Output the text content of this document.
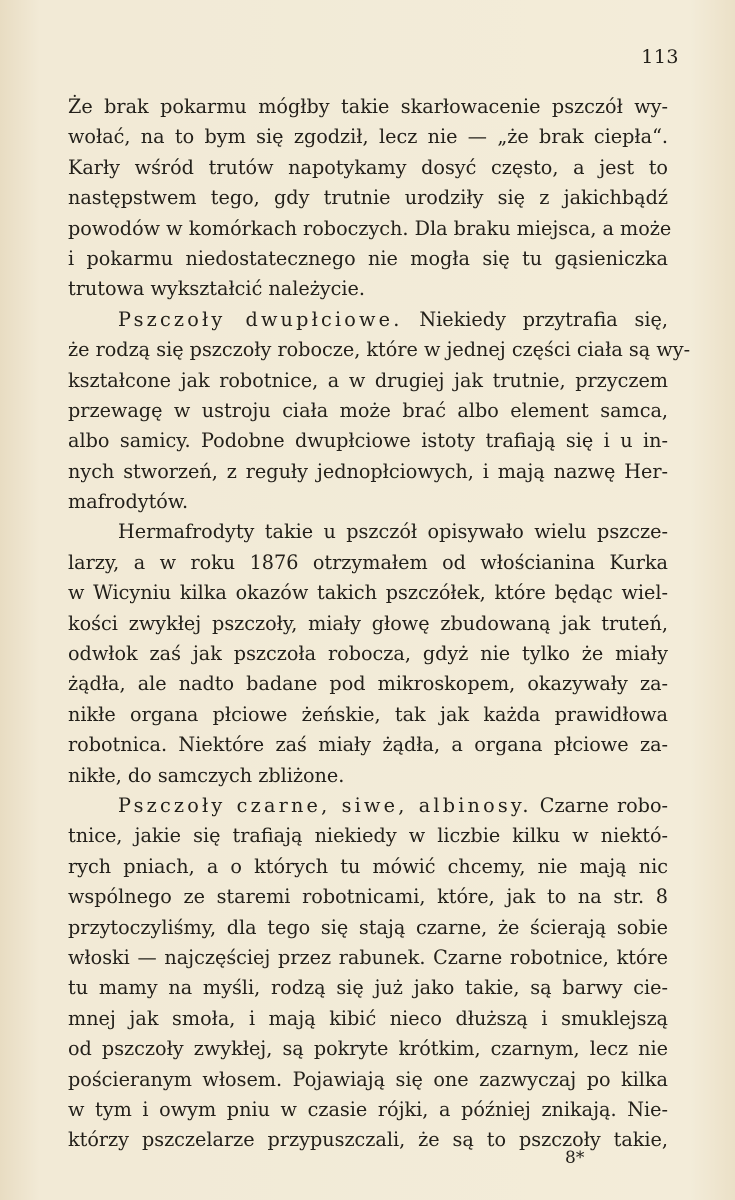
113
Że brak pokarmu mógłby takie skarłowacenie pszczół wy-
wołać, na to bym się zgodził, lecz nie — „że brak ciepła“.
Karły wśród trutów napotykamy dosyć często, a jest to
następstwem tego, gdy trutnie urodziły się z jakichbądź
powodów w komórkach roboczych. Dla braku miejsca, a może
i pokarmu niedostatecznego nie mogła się tu gąsieniczka
trutowa wykształcić należycie.
Pszczoły dwupłciowe. Niekiedy przytrafia się,
że rodzą się pszczoły robocze, które w jednej części ciała są wy-
kształcone jak robotnice, a w drugiej jak trutnie, przyczem
przewagę w ustroju ciała może brać albo element samca,
albo samicy. Podobne dwupłciowe istoty trafiają się i u in-
nych stworzeń, z reguły jednopłciowych, i mają nazwę Her-
mafrodytów.
Hermafrodyty takie u pszczół opisywało wielu pszcze-
larzy, a w roku 1876 otrzymałem od włościanina Kurka
w Wicyniu kilka okazów takich pszczółek, które będąc wiel-
kości zwykłej pszczoły, miały głowę zbudowaną jak truteń,
odwłok zaś jak pszczoła robocza, gdyż nie tylko że miały
żądła, ale nadto badane pod mikroskopem, okazywały za-
nikłe organa płciowe żeńskie, tak jak każda prawidłowa
robotnica. Niektóre zaś miały żądła, a organa płciowe za-
nikłe, do samczych zbliżone.
Pszczoły czarne, siwe, albinosy. Czarne robo-
tnice, jakie się trafiają niekiedy w liczbie kilku w niektó-
rych pniach, a o których tu mówić chcemy, nie mają nic
wspólnego ze staremi robotnicami, które, jak to na str. 8
przytoczyliśmy, dla tego się stają czarne, że ścierają sobie
włoski — najczęściej przez rabunek. Czarne robotnice, które
tu mamy na myśli, rodzą się już jako takie, są barwy cie-
mnej jak smoła, i mają kibić nieco dłuższą i smuklejszą
od pszczoły zwykłej, są pokryte krótkim, czarnym, lecz nie
pościeranym włosem. Pojawiają się one zazwyczaj po kilka
w tym i owym pniu w czasie rójki, a później znikają. Nie-
którzy pszczelarze przypuszczali, że są to pszczoły takie,
8*
